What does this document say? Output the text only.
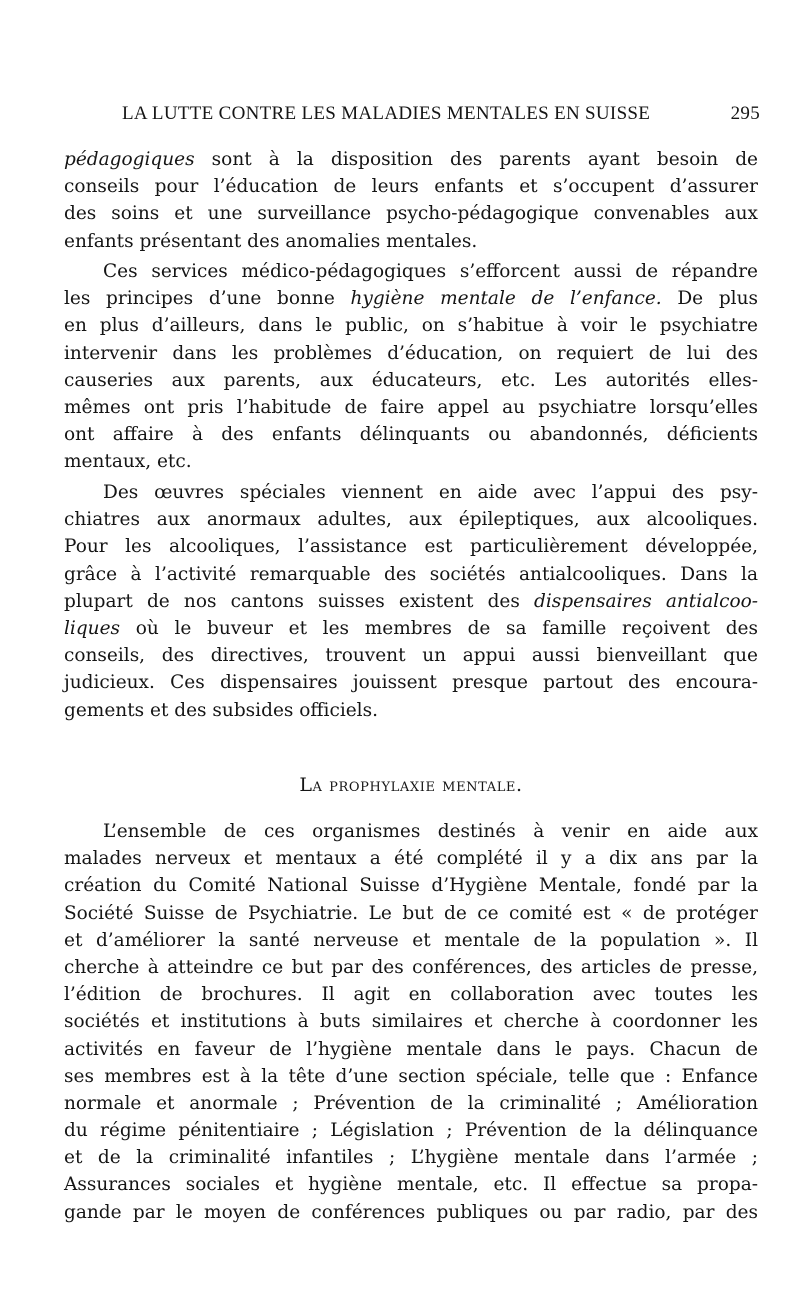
LA LUTTE CONTRE LES MALADIES MENTALES EN SUISSE	295
pédagogiques sont à la disposition des parents ayant besoin de
conseils pour l’éducation de leurs enfants et s’occupent d’assurer
des soins et une surveillance psycho-pédagogique convenables aux
enfants présentant des anomalies mentales.
Ces services médico-pédagogiques s’efforcent aussi de répandre
les principes d’une bonne hygiène mentale de l’enfance. De plus
en plus d’ailleurs, dans le public, on s’habitue à voir le psychiatre
intervenir dans les problèmes d’éducation, on requiert de lui des
causeries aux parents, aux éducateurs, etc. Les autorités elles-
mêmes ont pris l’habitude de faire appel au psychiatre lorsqu’elles
ont affaire à des enfants délinquants ou abandonnés, déficients
mentaux, etc.
Des œuvres spéciales viennent en aide avec l’appui des psy-
chiatres aux anormaux adultes, aux épileptiques, aux alcooliques.
Pour les alcooliques, l’assistance est particulièrement développée,
grâce à l’activité remarquable des sociétés antialcooliques. Dans la
plupart de nos cantons suisses existent des dispensaires antialcoo-
liques où le buveur et les membres de sa famille reçoivent des
conseils, des directives, trouvent un appui aussi bienveillant que
judicieux. Ces dispensaires jouissent presque partout des encoura-
gements et des subsides officiels.
La prophylaxie mentale.
L’ensemble de ces organismes destinés à venir en aide aux
malades nerveux et mentaux a été complété il y a dix ans par la
création du Comité National Suisse d’Hygiène Mentale, fondé par la
Société Suisse de Psychiatrie. Le but de ce comité est « de protéger
et d’améliorer la santé nerveuse et mentale de la population ». Il
cherche à atteindre ce but par des conférences, des articles de presse,
l’édition de brochures. Il agit en collaboration avec toutes les
sociétés et institutions à buts similaires et cherche à coordonner les
activités en faveur de l’hygiène mentale dans le pays. Chacun de
ses membres est à la tête d’une section spéciale, telle que : Enfance
normale et anormale ; Prévention de la criminalité ; Amélioration
du régime pénitentiaire ; Législation ; Prévention de la délinquance
et de la criminalité infantiles ; L’hygiène mentale dans l’armée ;
Assurances sociales et hygiène mentale, etc. Il effectue sa propa-
gande par le moyen de conférences publiques ou par radio, par des
